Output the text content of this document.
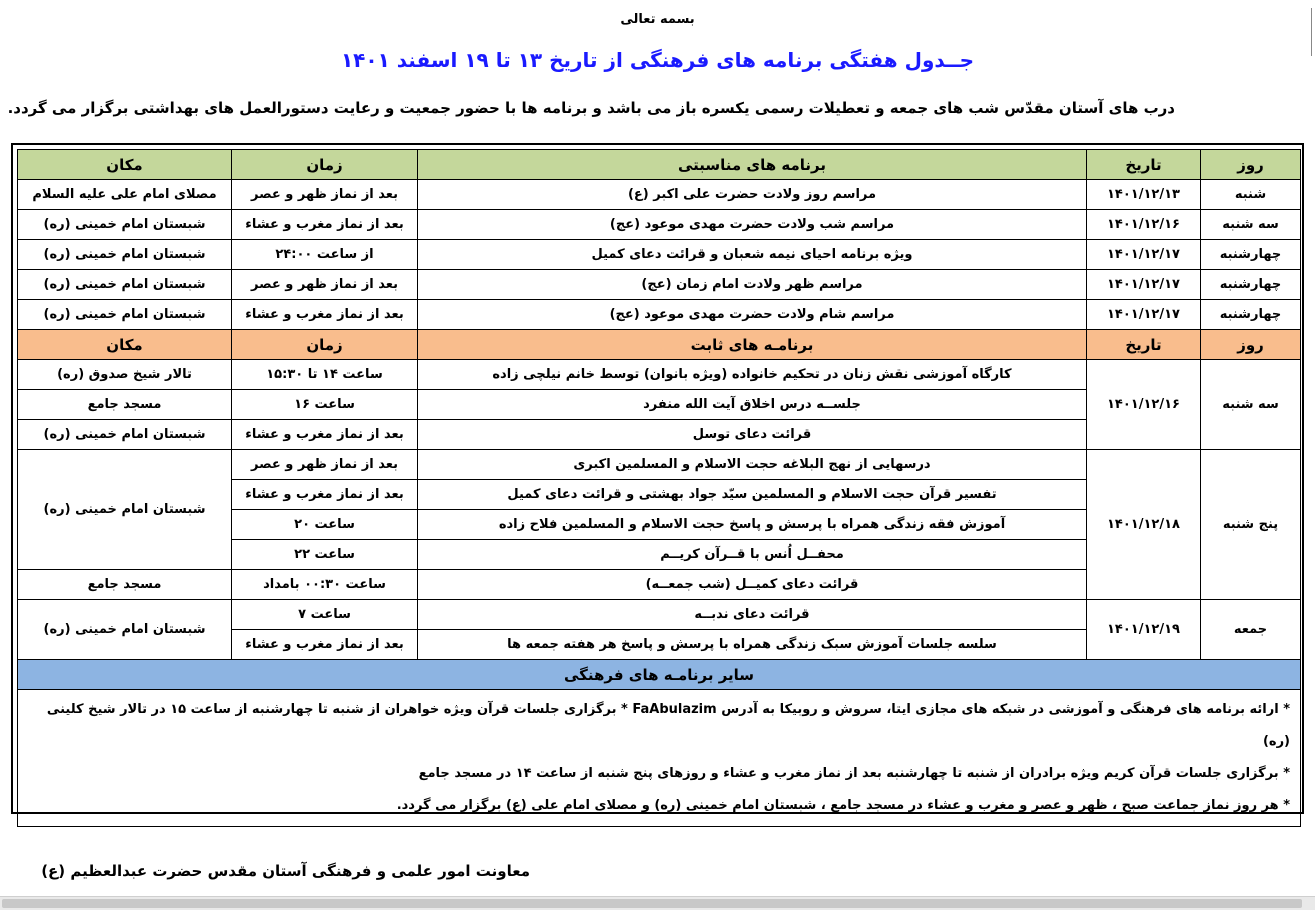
بسمه تعالی
جــدول هفتگی برنامه های فرهنگی از تاریخ ۱۳ تا ۱۹ اسفند ۱۴۰۱
درب های آستان مقدّس شب های جمعه و تعطیلات رسمی یکسره باز می باشد و برنامه ها با حضور جمعیت و رعایت دستورالعمل های بهداشتی برگزار می گردد.
روز	تاریخ	برنامه های مناسبتی	زمان	مکان
شنبه	۱۴۰۱/۱۲/۱۳	مراسم روز ولادت حضرت علی اکبر (ع)	بعد از نماز ظهر و عصر	مصلای امام علی علیه السلام
سه شنبه	۱۴۰۱/۱۲/۱۶	مراسم شب ولادت حضرت مهدی موعود (عج)	بعد از نماز مغرب و عشاء	شبستان امام خمینی (ره)
چهارشنبه	۱۴۰۱/۱۲/۱۷	ویژه برنامه احیای نیمه شعبان و قرائت دعای کمیل	از ساعت ۲۴:۰۰	شبستان امام خمینی (ره)
چهارشنبه	۱۴۰۱/۱۲/۱۷	مراسم ظهر ولادت امام زمان (عج)	بعد از نماز ظهر و عصر	شبستان امام خمینی (ره)
چهارشنبه	۱۴۰۱/۱۲/۱۷	مراسم شام ولادت حضرت مهدی موعود (عج)	بعد از نماز مغرب و عشاء	شبستان امام خمینی (ره)
روز	تاریخ	برنامـه های ثابت	زمان	مکان
سه شنبه	۱۴۰۱/۱۲/۱۶	کارگاه آموزشی نقش زنان در تحکیم خانواده (ویژه بانوان) توسط خانم نیلچی زاده	ساعت ۱۴ تا ۱۵:۳۰	تالار شیخ صدوق (ره)
		جلســه درس اخلاق آیت الله منفرد	ساعت ۱۶	مسجد جامع
		قرائت دعای توسل	بعد از نماز مغرب و عشاء	شبستان امام خمینی (ره)
پنج شنبه	۱۴۰۱/۱۲/۱۸	درسهایی از نهج البلاغه حجت الاسلام و المسلمین اکبری	بعد از نماز ظهر و عصر	شبستان امام خمینی (ره)
		تفسیر قرآن حجت الاسلام و المسلمین سیّد جواد بهشتی و قرائت دعای کمیل	بعد از نماز مغرب و عشاء	
		آموزش فقه زندگی همراه با پرسش و پاسخ حجت الاسلام و المسلمین فلاح زاده	ساعت ۲۰	
		محفــل اُنس با قــرآن کریــم	ساعت ۲۲	
		قرائت دعای کمیــل (شب جمعــه)	ساعت ۰۰:۳۰ بامداد	مسجد جامع
جمعه	۱۴۰۱/۱۲/۱۹	قرائت دعای ندبــه	ساعت ۷	شبستان امام خمینی (ره)
		سلسه جلسات آموزش سبک زندگی همراه با پرسش و پاسخ هر هفته جمعه ها	بعد از نماز مغرب و عشاء	
سایر برنامـه های فرهنگی				

* ارائه برنامه های فرهنگی و آموزشی در شبکه های مجازی ایتا، سروش و روبیکا به آدرس FaAbulazim * برگزاری جلسات قرآن ویژه خواهران از شنبه تا چهارشنبه از ساعت ۱۵ در تالار شیخ کلینی (ره)
* برگزاری جلسات قرآن کریم ویژه برادران از شنبه تا چهارشنبه بعد از نماز مغرب و عشاء و روزهای پنج شنبه از ساعت ۱۴ در مسجد جامع
* هر روز نماز جماعت صبح ، ظهر و عصر و مغرب و عشاء در مسجد جامع ، شبستان امام خمینی (ره) و مصلای امام علی (ع) برگزار می گردد.				
معاونت امور علمی و فرهنگی آستان مقدس حضرت عبدالعظیم (ع)
